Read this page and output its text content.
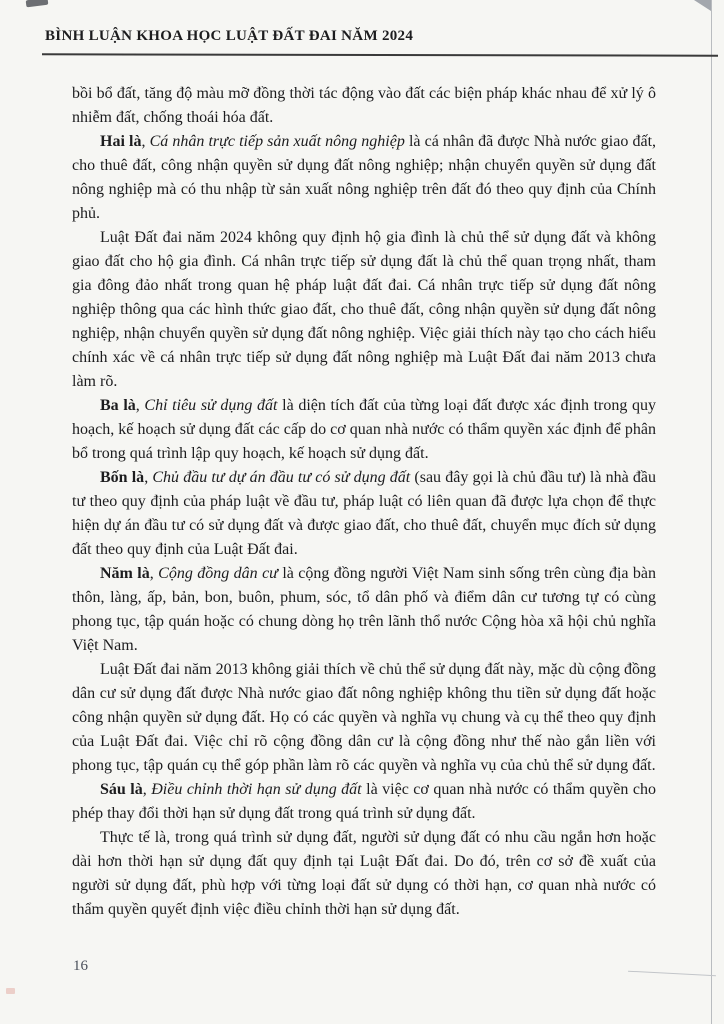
BÌNH LUẬN KHOA HỌC LUẬT ĐẤT ĐAI NĂM 2024

bồi bổ đất, tăng độ màu mỡ đồng thời tác động vào đất các biện pháp khác nhau để xử lý ô nhiễm đất, chống thoái hóa đất.

Hai là, Cá nhân trực tiếp sản xuất nông nghiệp là cá nhân đã được Nhà nước giao đất, cho thuê đất, công nhận quyền sử dụng đất nông nghiệp; nhận chuyển quyền sử dụng đất nông nghiệp mà có thu nhập từ sản xuất nông nghiệp trên đất đó theo quy định của Chính phủ.

Luật Đất đai năm 2024 không quy định hộ gia đình là chủ thể sử dụng đất và không giao đất cho hộ gia đình. Cá nhân trực tiếp sử dụng đất là chủ thể quan trọng nhất, tham gia đông đảo nhất trong quan hệ pháp luật đất đai. Cá nhân trực tiếp sử dụng đất nông nghiệp thông qua các hình thức giao đất, cho thuê đất, công nhận quyền sử dụng đất nông nghiệp, nhận chuyển quyền sử dụng đất nông nghiệp. Việc giải thích này tạo cho cách hiểu chính xác về cá nhân trực tiếp sử dụng đất nông nghiệp mà Luật Đất đai năm 2013 chưa làm rõ.

Ba là, Chỉ tiêu sử dụng đất là diện tích đất của từng loại đất được xác định trong quy hoạch, kế hoạch sử dụng đất các cấp do cơ quan nhà nước có thẩm quyền xác định để phân bổ trong quá trình lập quy hoạch, kế hoạch sử dụng đất.

Bốn là, Chủ đầu tư dự án đầu tư có sử dụng đất (sau đây gọi là chủ đầu tư) là nhà đầu tư theo quy định của pháp luật về đầu tư, pháp luật có liên quan đã được lựa chọn để thực hiện dự án đầu tư có sử dụng đất và được giao đất, cho thuê đất, chuyển mục đích sử dụng đất theo quy định của Luật Đất đai.

Năm là, Cộng đồng dân cư là cộng đồng người Việt Nam sinh sống trên cùng địa bàn thôn, làng, ấp, bản, bon, buôn, phum, sóc, tổ dân phố và điểm dân cư tương tự có cùng phong tục, tập quán hoặc có chung dòng họ trên lãnh thổ nước Cộng hòa xã hội chủ nghĩa Việt Nam.

Luật Đất đai năm 2013 không giải thích về chủ thể sử dụng đất này, mặc dù cộng đồng dân cư sử dụng đất được Nhà nước giao đất nông nghiệp không thu tiền sử dụng đất hoặc công nhận quyền sử dụng đất. Họ có các quyền và nghĩa vụ chung và cụ thể theo quy định của Luật Đất đai. Việc chỉ rõ cộng đồng dân cư là cộng đồng như thế nào gắn liền với phong tục, tập quán cụ thể góp phần làm rõ các quyền và nghĩa vụ của chủ thể sử dụng đất.

Sáu là, Điều chỉnh thời hạn sử dụng đất là việc cơ quan nhà nước có thẩm quyền cho phép thay đổi thời hạn sử dụng đất trong quá trình sử dụng đất.

Thực tế là, trong quá trình sử dụng đất, người sử dụng đất có nhu cầu ngắn hơn hoặc dài hơn thời hạn sử dụng đất quy định tại Luật Đất đai. Do đó, trên cơ sở đề xuất của người sử dụng đất, phù hợp với từng loại đất sử dụng có thời hạn, cơ quan nhà nước có thẩm quyền quyết định việc điều chỉnh thời hạn sử dụng đất.

16
